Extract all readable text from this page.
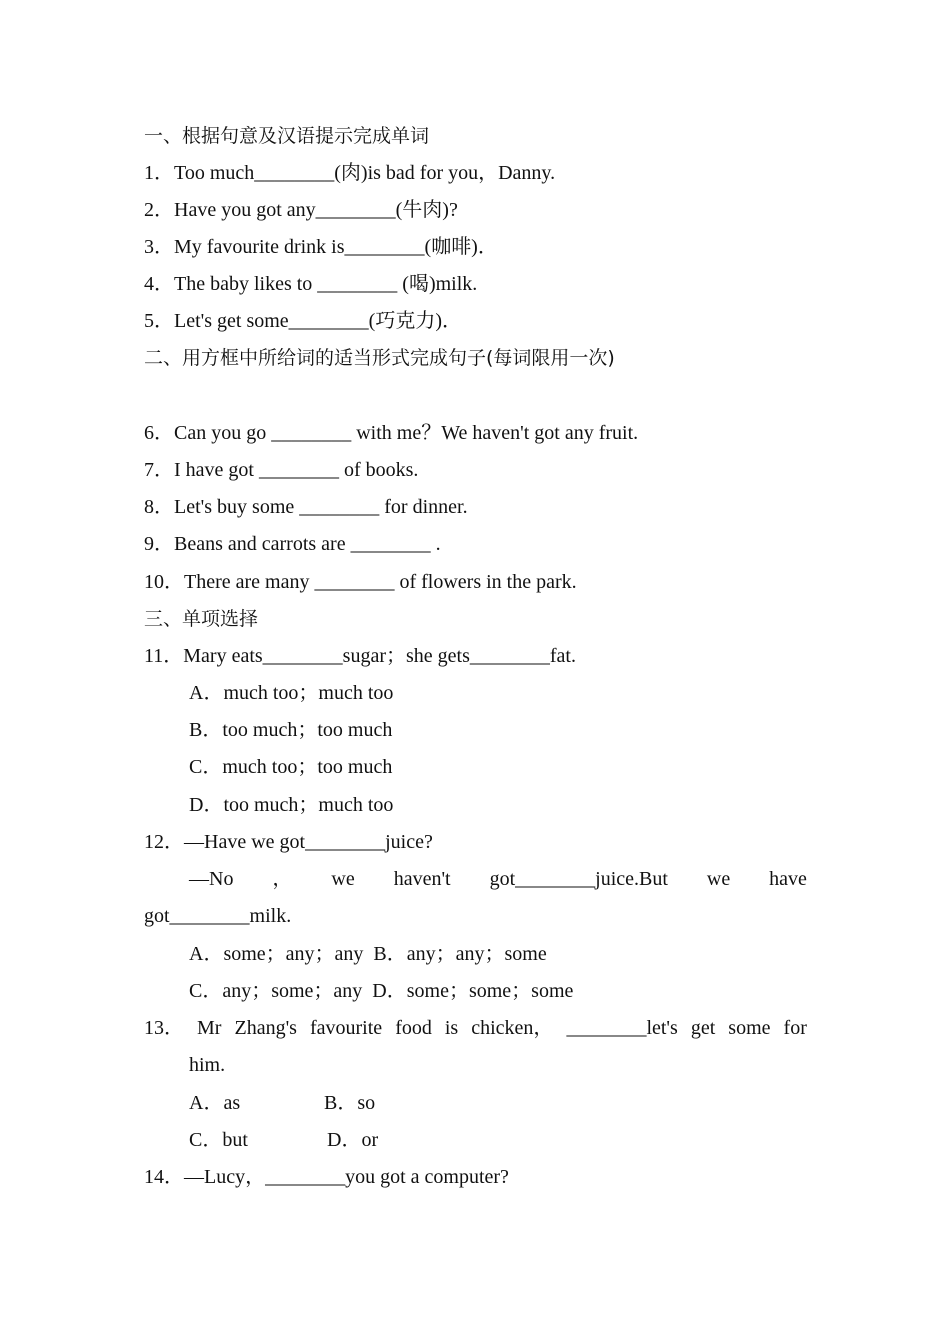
一、根据句意及汉语提示完成单词
1．Too much________(肉)is bad for you，Danny.
2．Have you got any________(牛肉)?
3．My favourite drink is________(咖啡)．
4．The baby likes to ________ (喝)milk.
5．Let's get some________(巧克力)．
二、用方框中所给词的适当形式完成句子(每词限用一次)
6．Can you go ________ with me？We haven't got any fruit.
7．I have got ________ of books.
8．Let's buy some ________ for dinner.
9．Beans and carrots are ________ .
10．There are many ________ of flowers in the park.
三、单项选择
11．Mary eats________sugar；she gets________fat.
A．much too；much too
B．too much；too much
C．much too；too much
D．too much；much too
12．—Have we got________juice?
—No ， we haven't got________juice.But we have
got________milk.
A．some；any；any  B．any；any；some
C．any；some；any  D．some；some；some
13． Mr Zhang's favourite food is chicken， ________let's get some for
him.
A．as	B．so
C．but	D．or
14．—Lucy，________you got a computer?
